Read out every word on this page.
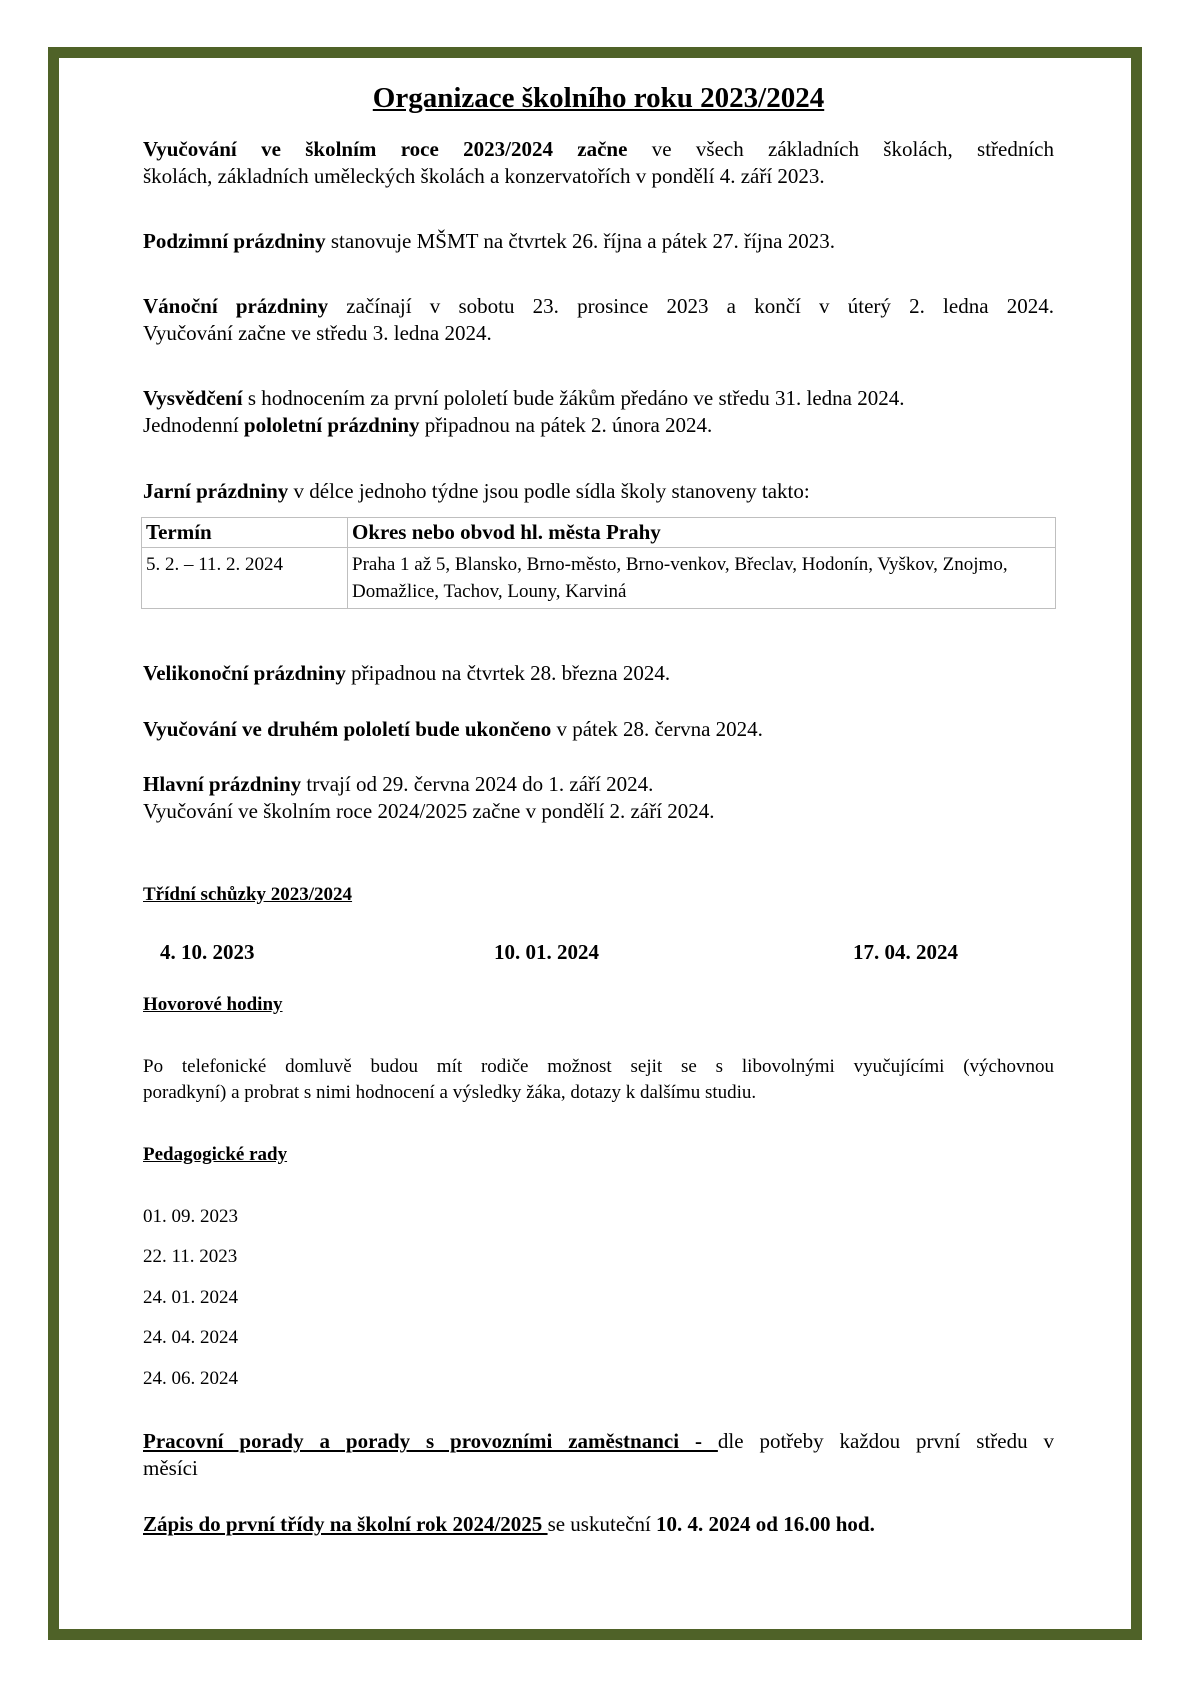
Organizace školního roku 2023/2024
Vyučování ve školním roce 2023/2024 začne ve všech základních školách, středních
školách, základních uměleckých školách a konzervatořích v pondělí 4. září 2023.
Podzimní prázdniny stanovuje MŠMT na čtvrtek 26. října a pátek 27. října 2023.
Vánoční prázdniny začínají v sobotu 23. prosince 2023 a končí v úterý 2. ledna 2024.
Vyučování začne ve středu 3. ledna 2024.
Vysvědčení s hodnocením za první pololetí bude žákům předáno ve středu 31. ledna 2024.
Jednodenní pololetní prázdniny připadnou na pátek 2. února 2024.
Jarní prázdniny v délce jednoho týdne jsou podle sídla školy stanoveny takto:
Termín	Okres nebo obvod hl. města Prahy
5. 2. – 11. 2. 2024	Praha 1 až 5, Blansko, Brno-město, Brno-venkov, Břeclav, Hodonín, Vyškov, Znojmo, Domažlice, Tachov, Louny, Karviná
Velikonoční prázdniny připadnou na čtvrtek 28. března 2024.
Vyučování ve druhém pololetí bude ukončeno v pátek 28. června 2024.
Hlavní prázdniny trvají od 29. června 2024 do 1. září 2024.
Vyučování ve školním roce 2024/2025 začne v pondělí 2. září 2024.
Třídní schůzky 2023/2024
4. 10. 2023	10. 01. 2024	17. 04. 2024
Hovorové hodiny
Po telefonické domluvě budou mít rodiče možnost sejit se s libovolnými vyučujícími (výchovnou
poradkyní) a probrat s nimi hodnocení a výsledky žáka, dotazy k dalšímu studiu.
Pedagogické rady
01. 09. 2023
22. 11. 2023
24. 01. 2024
24. 04. 2024
24. 06. 2024
Pracovní porady a porady s provozními zaměstnanci - dle potřeby každou první středu v
měsíci
Zápis do první třídy na školní rok 2024/2025 se uskuteční 10. 4. 2024 od 16.00 hod.
